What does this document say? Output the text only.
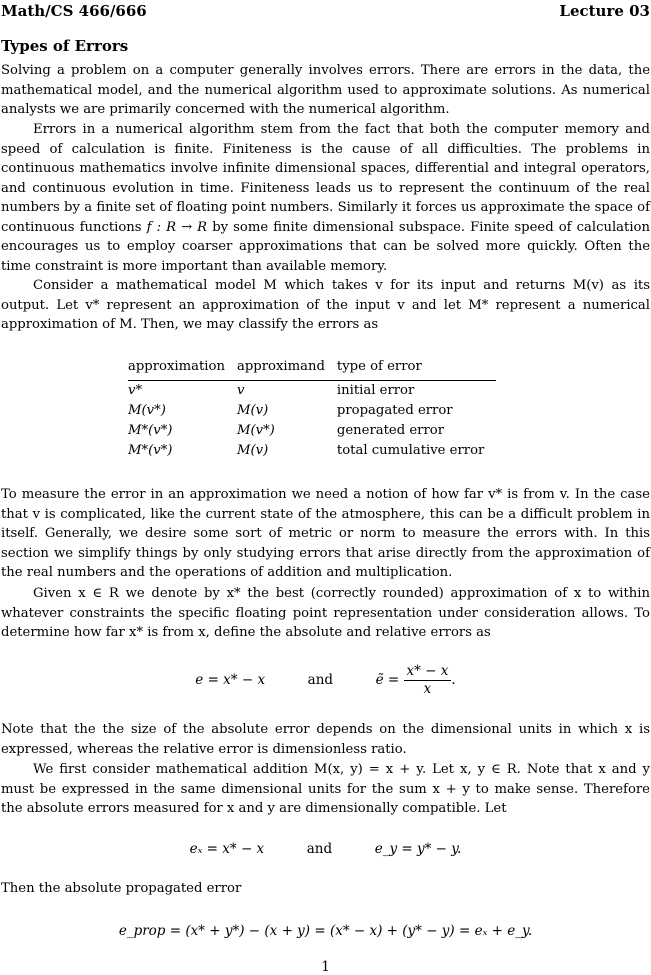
Math/CS 466/666	Lecture 03
Types of Errors

Solving a problem on a computer generally involves errors. There are errors in the data, the mathematical model, and the numerical algorithm used to approximate solutions. As numerical analysts we are primarily concerned with the numerical algorithm.

Errors in a numerical algorithm stem from the fact that both the computer memory and speed of calculation is finite. Finiteness is the cause of all difficulties. The problems in continuous mathematics involve infinite dimensional spaces, differential and integral operators, and continuous evolution in time. Finiteness leads us to represent the continuum of the real numbers by a finite set of floating point numbers. Similarly it forces us approximate the space of continuous functions f : R → R by some finite dimensional subspace. Finite speed of calculation encourages us to employ coarser approximations that can be solved more quickly. Often the time constraint is more important than available memory.

Consider a mathematical model M which takes v for its input and returns M(v) as its output. Let v* represent an approximation of the input v and let M* represent a numerical approximation of M. Then, we may classify the errors as

approximation	approximand	type of error
v*	v	initial error
M(v*)	M(v)	propagated error
M*(v*)	M(v*)	generated error
M*(v*)	M(v)	total cumulative error

To measure the error in an approximation we need a notion of how far v* is from v. In the case that v is complicated, like the current state of the atmosphere, this can be a difficult problem in itself. Generally, we desire some sort of metric or norm to measure the errors with. In this section we simplify things by only studying errors that arise directly from the approximation of the real numbers and the operations of addition and multiplication.

Given x ∈ R we denote by x* the best (correctly rounded) approximation of x to within whatever constraints the specific floating point representation under consideration allows. To determine how far x* is from x, define the absolute and relative errors as

e = x* − x	and	ẽ = $\frac{x* - x}{x}$ .

Note that the the size of the absolute error depends on the dimensional units in which x is expressed, whereas the relative error is dimensionless ratio.

We first consider mathematical addition M(x, y) = x + y. Let x, y ∈ R. Note that x and y must be expressed in the same dimensional units for the sum x + y to make sense. Therefore the absolute errors measured for x and y are dimensionally compatible. Let

eₓ = x* − x	and	e_y = y* − y.

Then the absolute propagated error

e_prop = (x* + y*) − (x + y) = (x* − x) + (y* − y) = eₓ + e_y.
1
